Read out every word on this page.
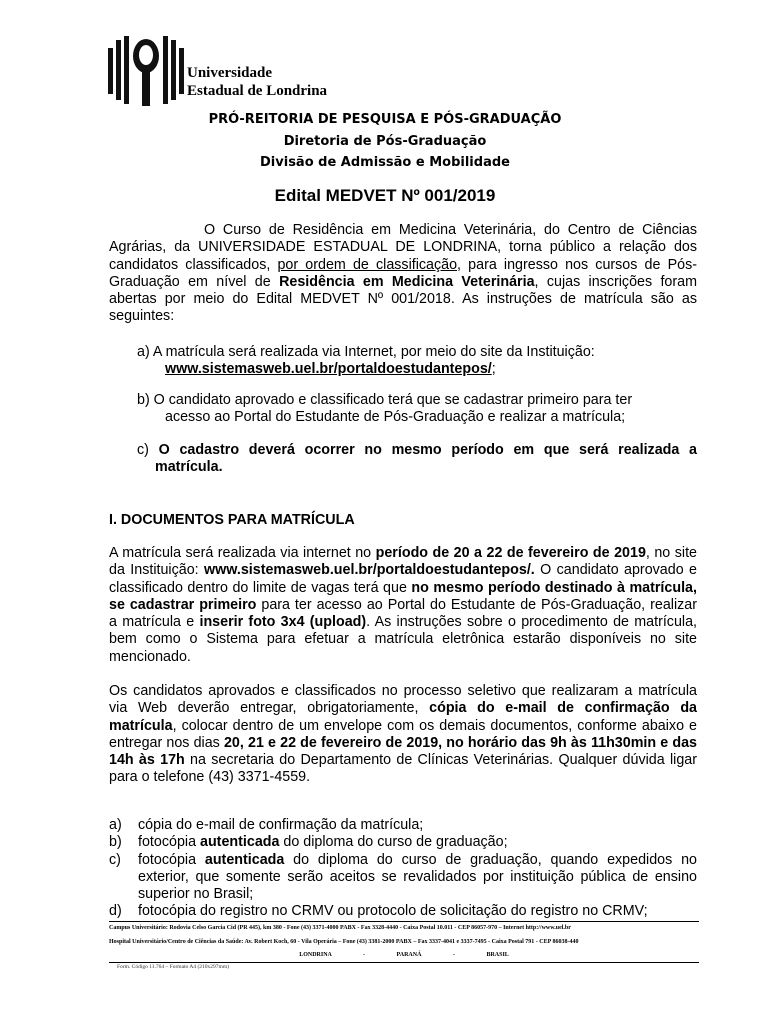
Universidade
Estadual de Londrina
PRÓ-REITORIA DE PESQUISA E PÓS-GRADUAÇÃO
Diretoria de Pós-Graduação
Divisão de Admissão e Mobilidade
Edital MEDVET Nº 001/2019
O Curso de Residência em Medicina Veterinária, do Centro de Ciências Agrárias, da UNIVERSIDADE ESTADUAL DE LONDRINA, torna público a relação dos candidatos classificados, por ordem de classificação, para ingresso nos cursos de Pós-Graduação em nível de Residência em Medicina Veterinária, cujas inscrições foram abertas por meio do Edital MEDVET Nº 001/2018. As instruções de matrícula são as seguintes:
a) A matrícula será realizada via Internet, por meio do site da Instituição:
www.sistemasweb.uel.br/portaldoestudantepos/;
b) O candidato aprovado e classificado terá que se cadastrar primeiro para ter
acesso ao Portal do Estudante de Pós-Graduação e realizar a matrícula;
c) O cadastro deverá ocorrer no mesmo período em que será realizada a matrícula.
I. DOCUMENTOS PARA MATRÍCULA
A matrícula será realizada via internet no período de 20 a 22 de fevereiro de 2019, no site da Instituição: www.sistemasweb.uel.br/portaldoestudantepos/. O candidato aprovado e classificado dentro do limite de vagas terá que no mesmo período destinado à matrícula, se cadastrar primeiro para ter acesso ao Portal do Estudante de Pós-Graduação, realizar a matrícula e inserir foto 3x4 (upload). As instruções sobre o procedimento de matrícula, bem como o Sistema para efetuar a matrícula eletrônica estarão disponíveis no site mencionado.
Os candidatos aprovados e classificados no processo seletivo que realizaram a matrícula via Web deverão entregar, obrigatoriamente, cópia do e-mail de confirmação da matrícula, colocar dentro de um envelope com os demais documentos, conforme abaixo e entregar nos dias 20, 21 e 22 de fevereiro de 2019, no horário das 9h às 11h30min e das 14h às 17h na secretaria do Departamento de Clínicas Veterinárias. Qualquer dúvida ligar para o telefone (43) 3371-4559.
a) cópia do e-mail de confirmação da matrícula;
b) fotocópia autenticada do diploma do curso de graduação;
c) fotocópia autenticada do diploma do curso de graduação, quando expedidos no exterior, que somente serão aceitos se revalidados por instituição pública de ensino superior no Brasil;
d) fotocópia do registro no CRMV ou protocolo de solicitação do registro no CRMV;
Campus Universitário: Rodovia Celso Garcia Cid (PR 445), km 380 - Fone (43) 3371-4000 PABX - Fax 3328-4440 - Caixa Postal 10.011 - CEP 86057-970 – Internet http://www.uel.br
Hospital Universitário/Centro de Ciências da Saúde: Av. Robert Koch, 60 - Vila Operária – Fone (43) 3381-2000 PABX – Fax 3337-4041 e 3337-7495 - Caixa Postal 791 - CEP 86038-440
LONDRINA	-	PARANÁ	-	BRASIL
Form. Código 11.764 – Formato A4 (210x297mm)
